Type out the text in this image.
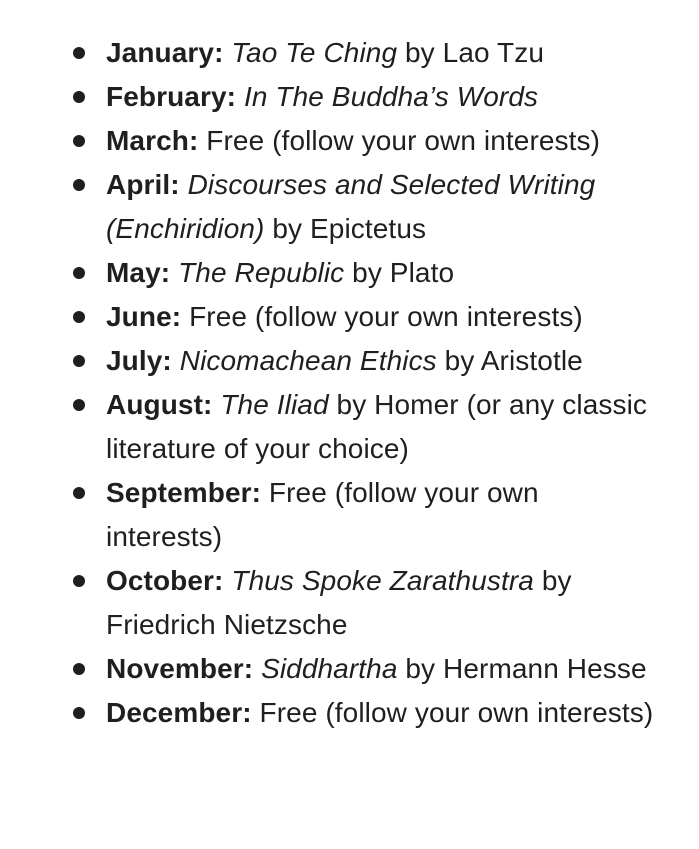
January: Tao Te Ching by Lao Tzu
February: In The Buddha’s Words
March: Free (follow your own interests)
April: Discourses and Selected Writing (Enchiridion) by Epictetus
May: The Republic by Plato
June: Free (follow your own interests)
July: Nicomachean Ethics by Aristotle
August: The Iliad by Homer (or any classic literature of your choice)
September: Free (follow your own interests)
October: Thus Spoke Zarathustra by Friedrich Nietzsche
November: Siddhartha by Hermann Hesse
December: Free (follow your own interests)
